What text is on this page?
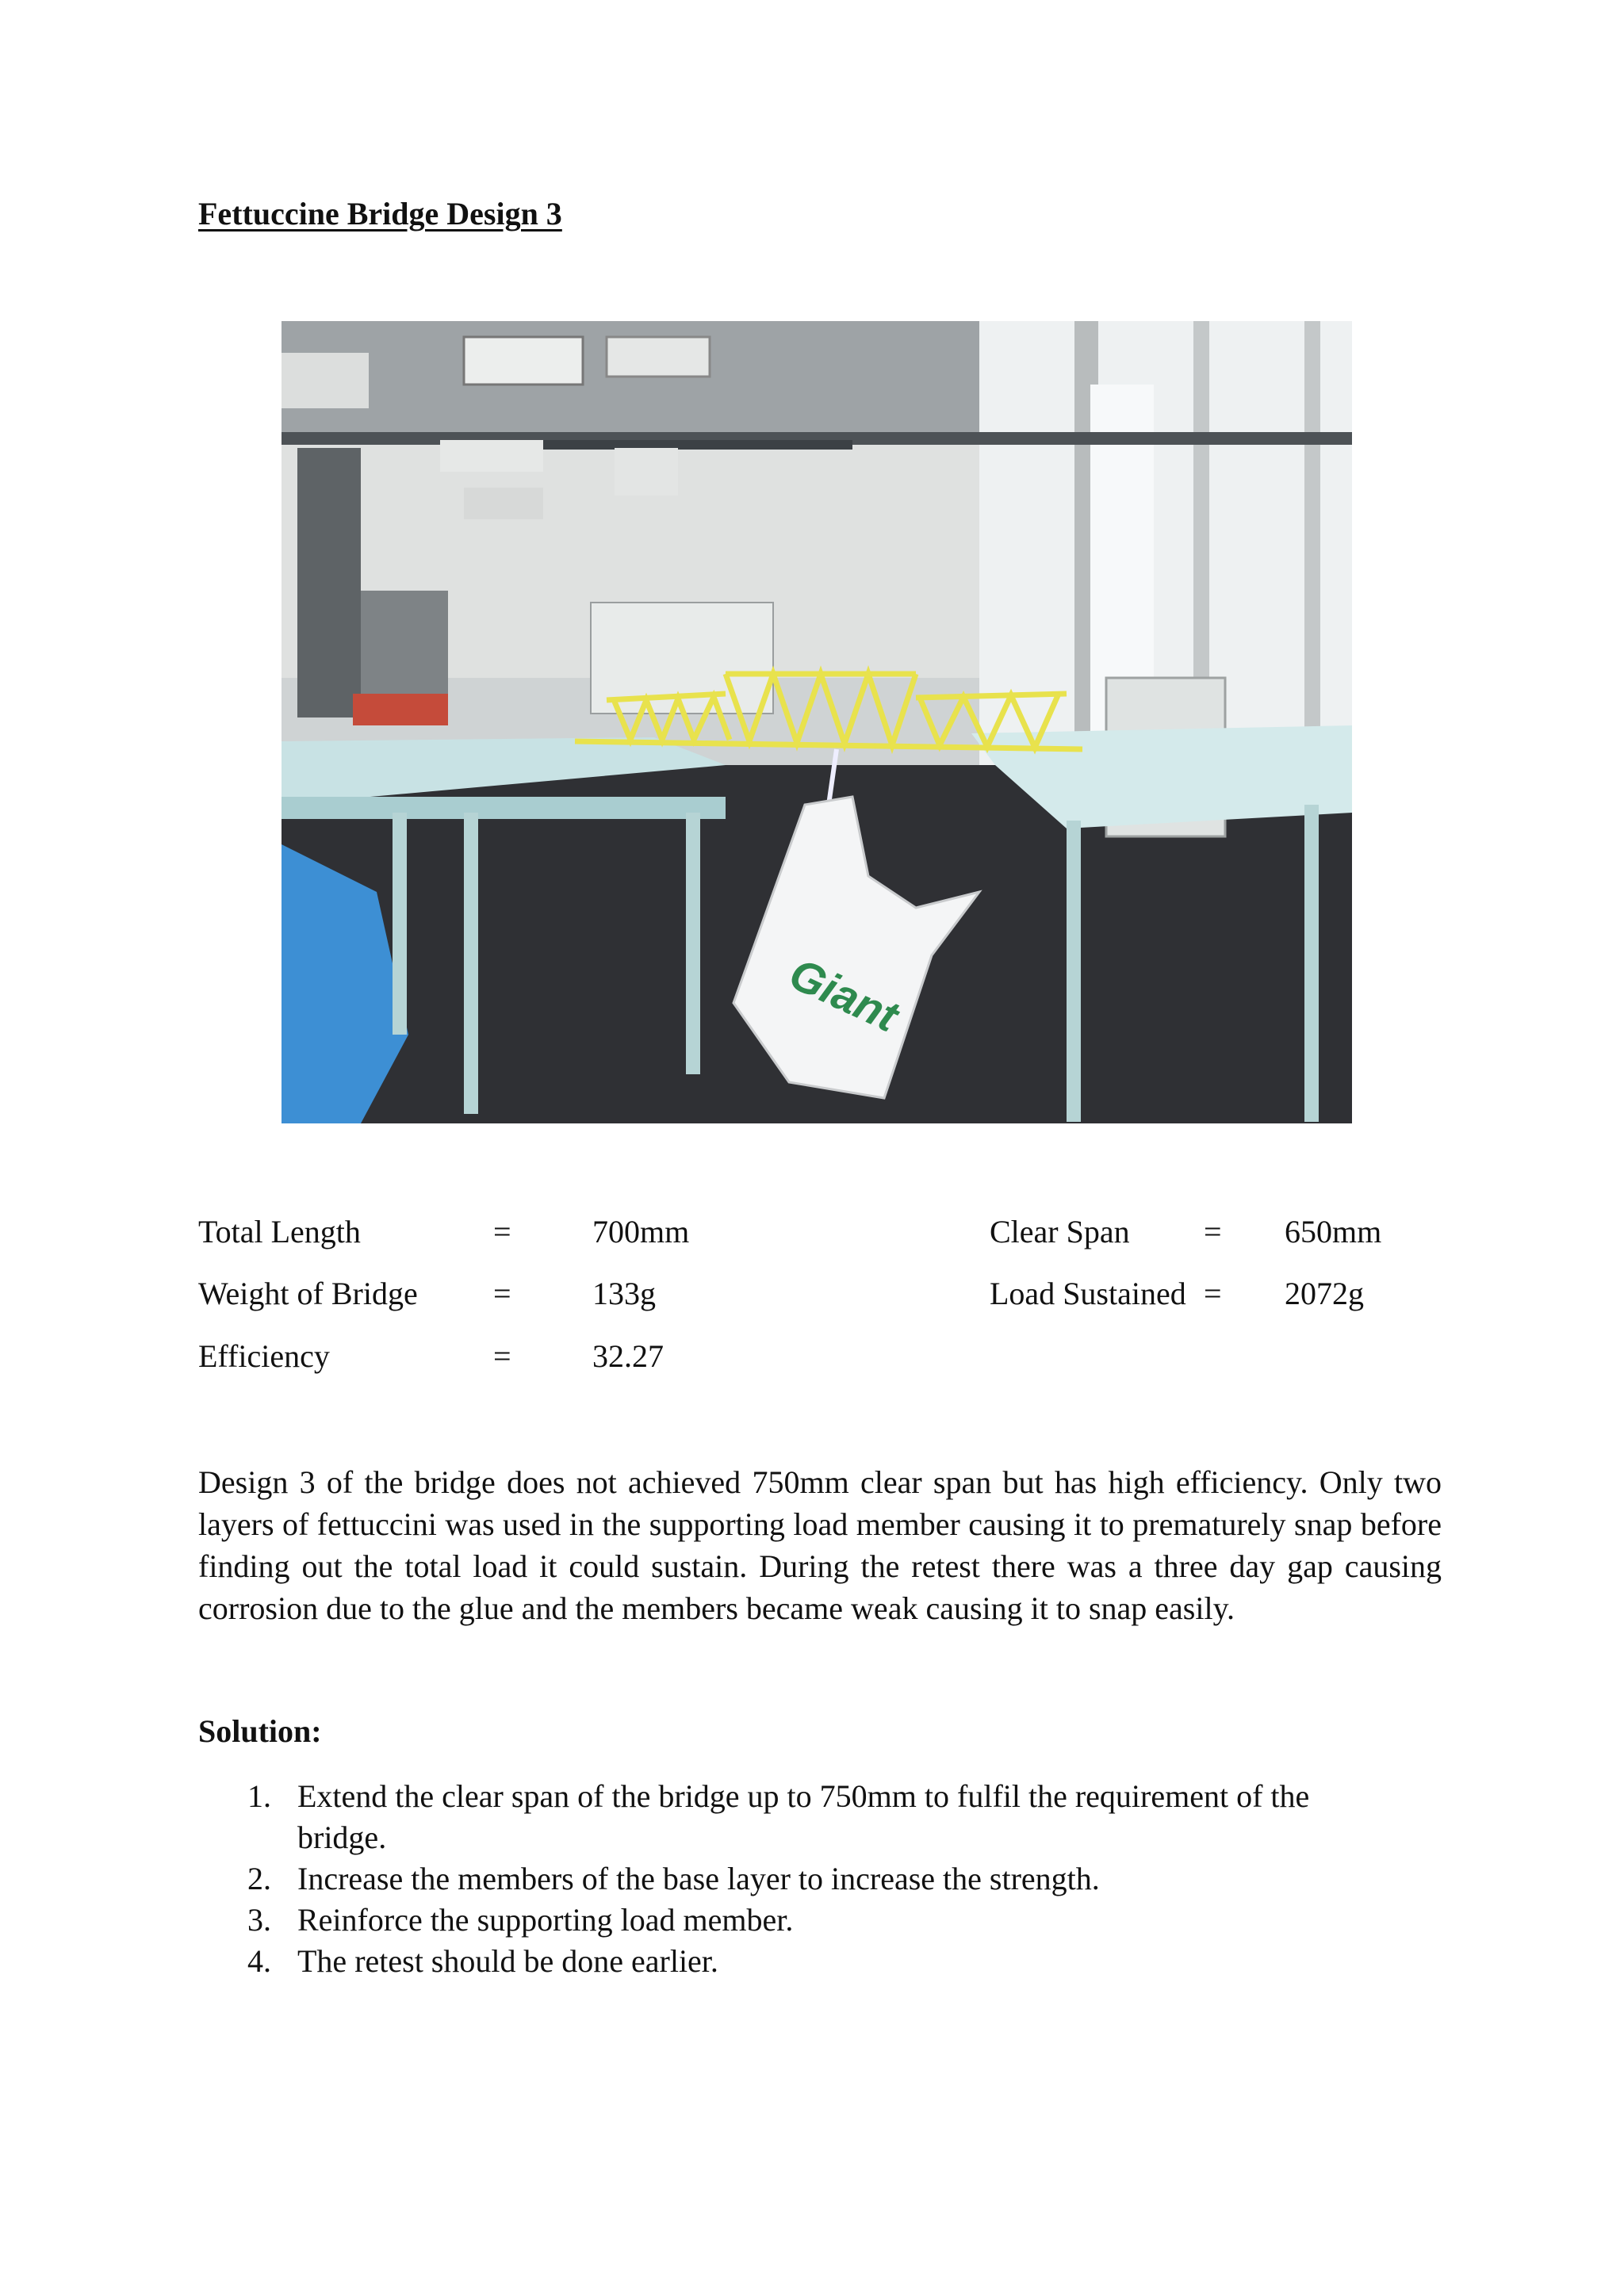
Fettuccine Bridge Design 3
Giant
Total Length	=	700mm	Clear Span = 650mm
Weight of Bridge =	133g	Load Sustained = 2072g
Efficiency	=	32.27
Design 3 of the bridge does not achieved 750mm clear span but has high efficiency. Only two layers of fettuccini was used in the supporting load member causing it to prematurely snap before finding out the total load it could sustain. During the retest there was a three day gap causing corrosion due to the glue and the members became weak causing it to snap easily.
Solution:
1. Extend the clear span of the bridge up to 750mm to fulfil the requirement of the bridge.
2. Increase the members of the base layer to increase the strength.
3. Reinforce the supporting load member.
4. The retest should be done earlier.
